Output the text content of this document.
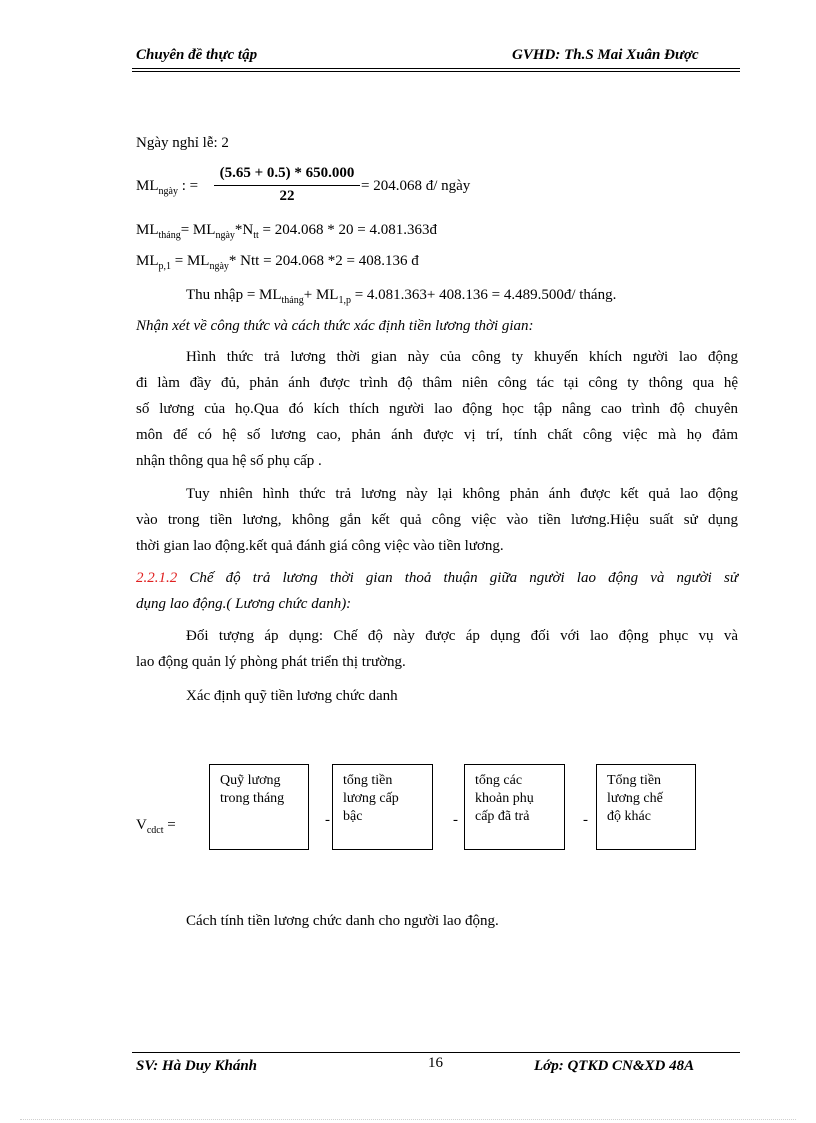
Chuyên đề thực tập	GVHD: Th.S Mai Xuân Được
Ngày nghỉ lễ: 2
$ML_{ngày}$ : =
(5.65 + 0.5) * 650.000
22
= 204.068 đ/ ngày
$ML_{tháng}= ML_{ngày}*N_{tt} = 204.068 * 20$ = 4.081.363đ
$ML_{p,1} = ML_{ngày}*$ Ntt = 204.068 *2 = 408.136 đ
Thu nhập = $ML_{tháng}+ ML_{1,p} = 4.081.363+ 408.136$ = 4.489.500đ/ tháng.
Nhận xét về công thức và cách thức xác định tiền lương thời gian:
Hình thức trả lương thời gian này của công ty khuyến khích người lao động
đi làm đầy đủ, phản ánh được trình độ thâm niên công tác tại công ty thông qua hệ
số lương của họ.Qua đó kích thích người lao động học tập nâng cao trình độ chuyên
môn để có hệ số lương cao, phản ánh được vị trí, tính chất công việc mà họ đảm
nhận thông qua hệ số phụ cấp .
Tuy nhiên hình thức trả lương này lại không phản ánh được kết quả lao động
vào trong tiền lương, không gắn kết quả công việc vào tiền lương.Hiệu suất sử dụng
thời gian lao động.kết quả đánh giá công việc vào tiền lương.
2.2.1.2 Chế độ trả lương thời gian thoả thuận giữa người lao động và người sử
dụng lao động.( Lương chức danh):
Đối tượng áp dụng: Chế độ này được áp dụng đối với lao động phục vụ và
lao động quản lý phòng phát triển thị trường.
Xác định quỹ tiền lương chức danh
$V_{cdct}$ =
Quỹ lương
trong tháng
-
tổng tiền
lương cấp
bậc	-
tổng các
khoản phụ
cấp đã trả	-
Tổng tiền
lương chế
độ khác
Cách tính tiền lương chức danh cho người lao động.
SV: Hà Duy Khánh	16	Lớp: QTKD CN&XD 48A
